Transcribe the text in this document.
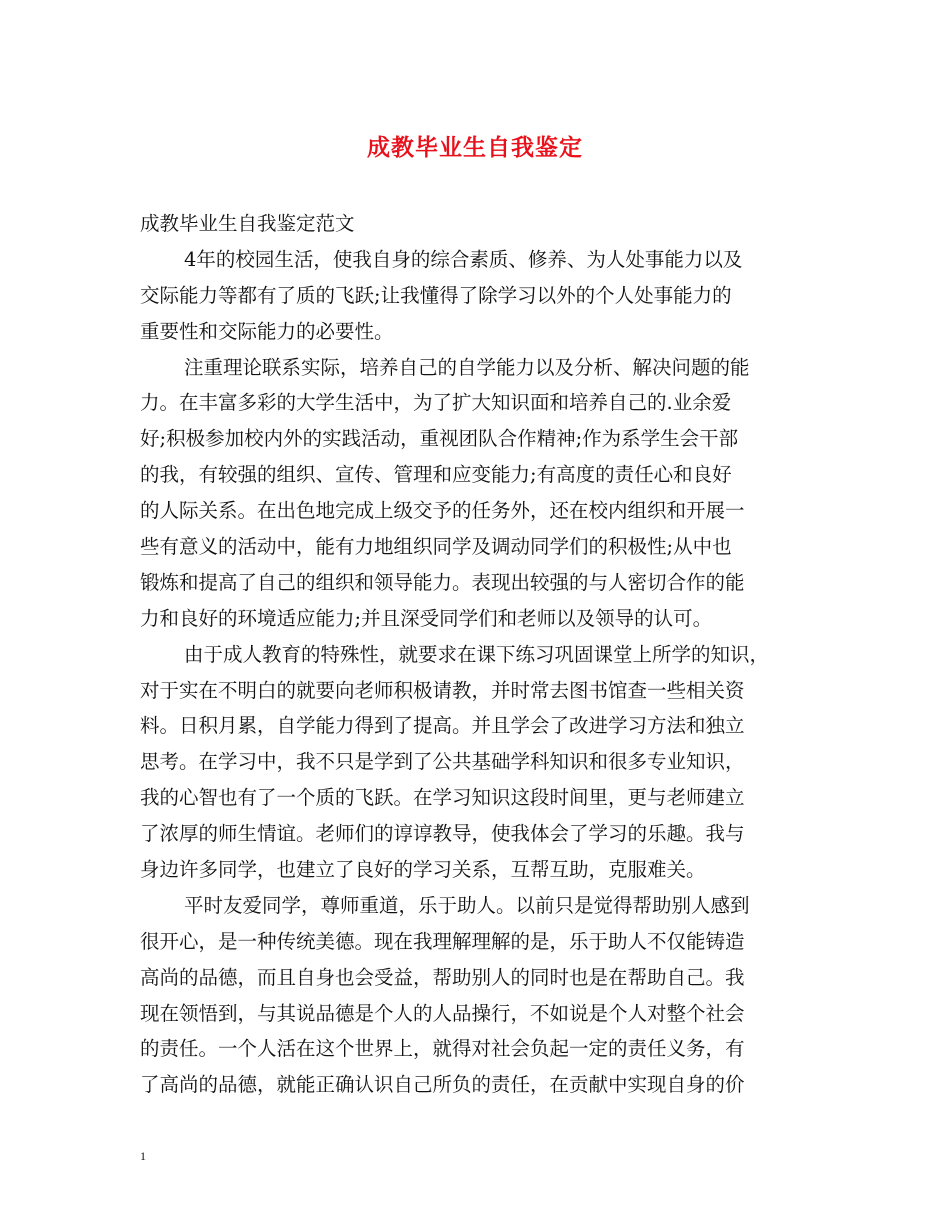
成教毕业生自我鉴定
成教毕业生自我鉴定范文
4年的校园生活，使我自身的综合素质、修养、为人处事能力以及
交际能力等都有了质的飞跃;让我懂得了除学习以外的个人处事能力的
重要性和交际能力的必要性。
注重理论联系实际，培养自己的自学能力以及分析、解决问题的能
力。在丰富多彩的大学生活中，为了扩大知识面和培养自己的.业余爱
好;积极参加校内外的实践活动，重视团队合作精神;作为系学生会干部
的我，有较强的组织、宣传、管理和应变能力;有高度的责任心和良好
的人际关系。在出色地完成上级交予的任务外，还在校内组织和开展一
些有意义的活动中，能有力地组织同学及调动同学们的积极性;从中也
锻炼和提高了自己的组织和领导能力。表现出较强的与人密切合作的能
力和良好的环境适应能力;并且深受同学们和老师以及领导的认可。
由于成人教育的特殊性，就要求在课下练习巩固课堂上所学的知识，
对于实在不明白的就要向老师积极请教，并时常去图书馆查一些相关资
料。日积月累，自学能力得到了提高。并且学会了改进学习方法和独立
思考。在学习中，我不只是学到了公共基础学科知识和很多专业知识，
我的心智也有了一个质的飞跃。在学习知识这段时间里，更与老师建立
了浓厚的师生情谊。老师们的谆谆教导，使我体会了学习的乐趣。我与
身边许多同学，也建立了良好的学习关系，互帮互助，克服难关。
平时友爱同学，尊师重道，乐于助人。以前只是觉得帮助别人感到
很开心，是一种传统美德。现在我理解理解的是，乐于助人不仅能铸造
高尚的品德，而且自身也会受益，帮助别人的同时也是在帮助自己。我
现在领悟到，与其说品德是个人的人品操行，不如说是个人对整个社会
的责任。一个人活在这个世界上，就得对社会负起一定的责任义务，有
了高尚的品德，就能正确认识自己所负的责任，在贡献中实现自身的价
1
